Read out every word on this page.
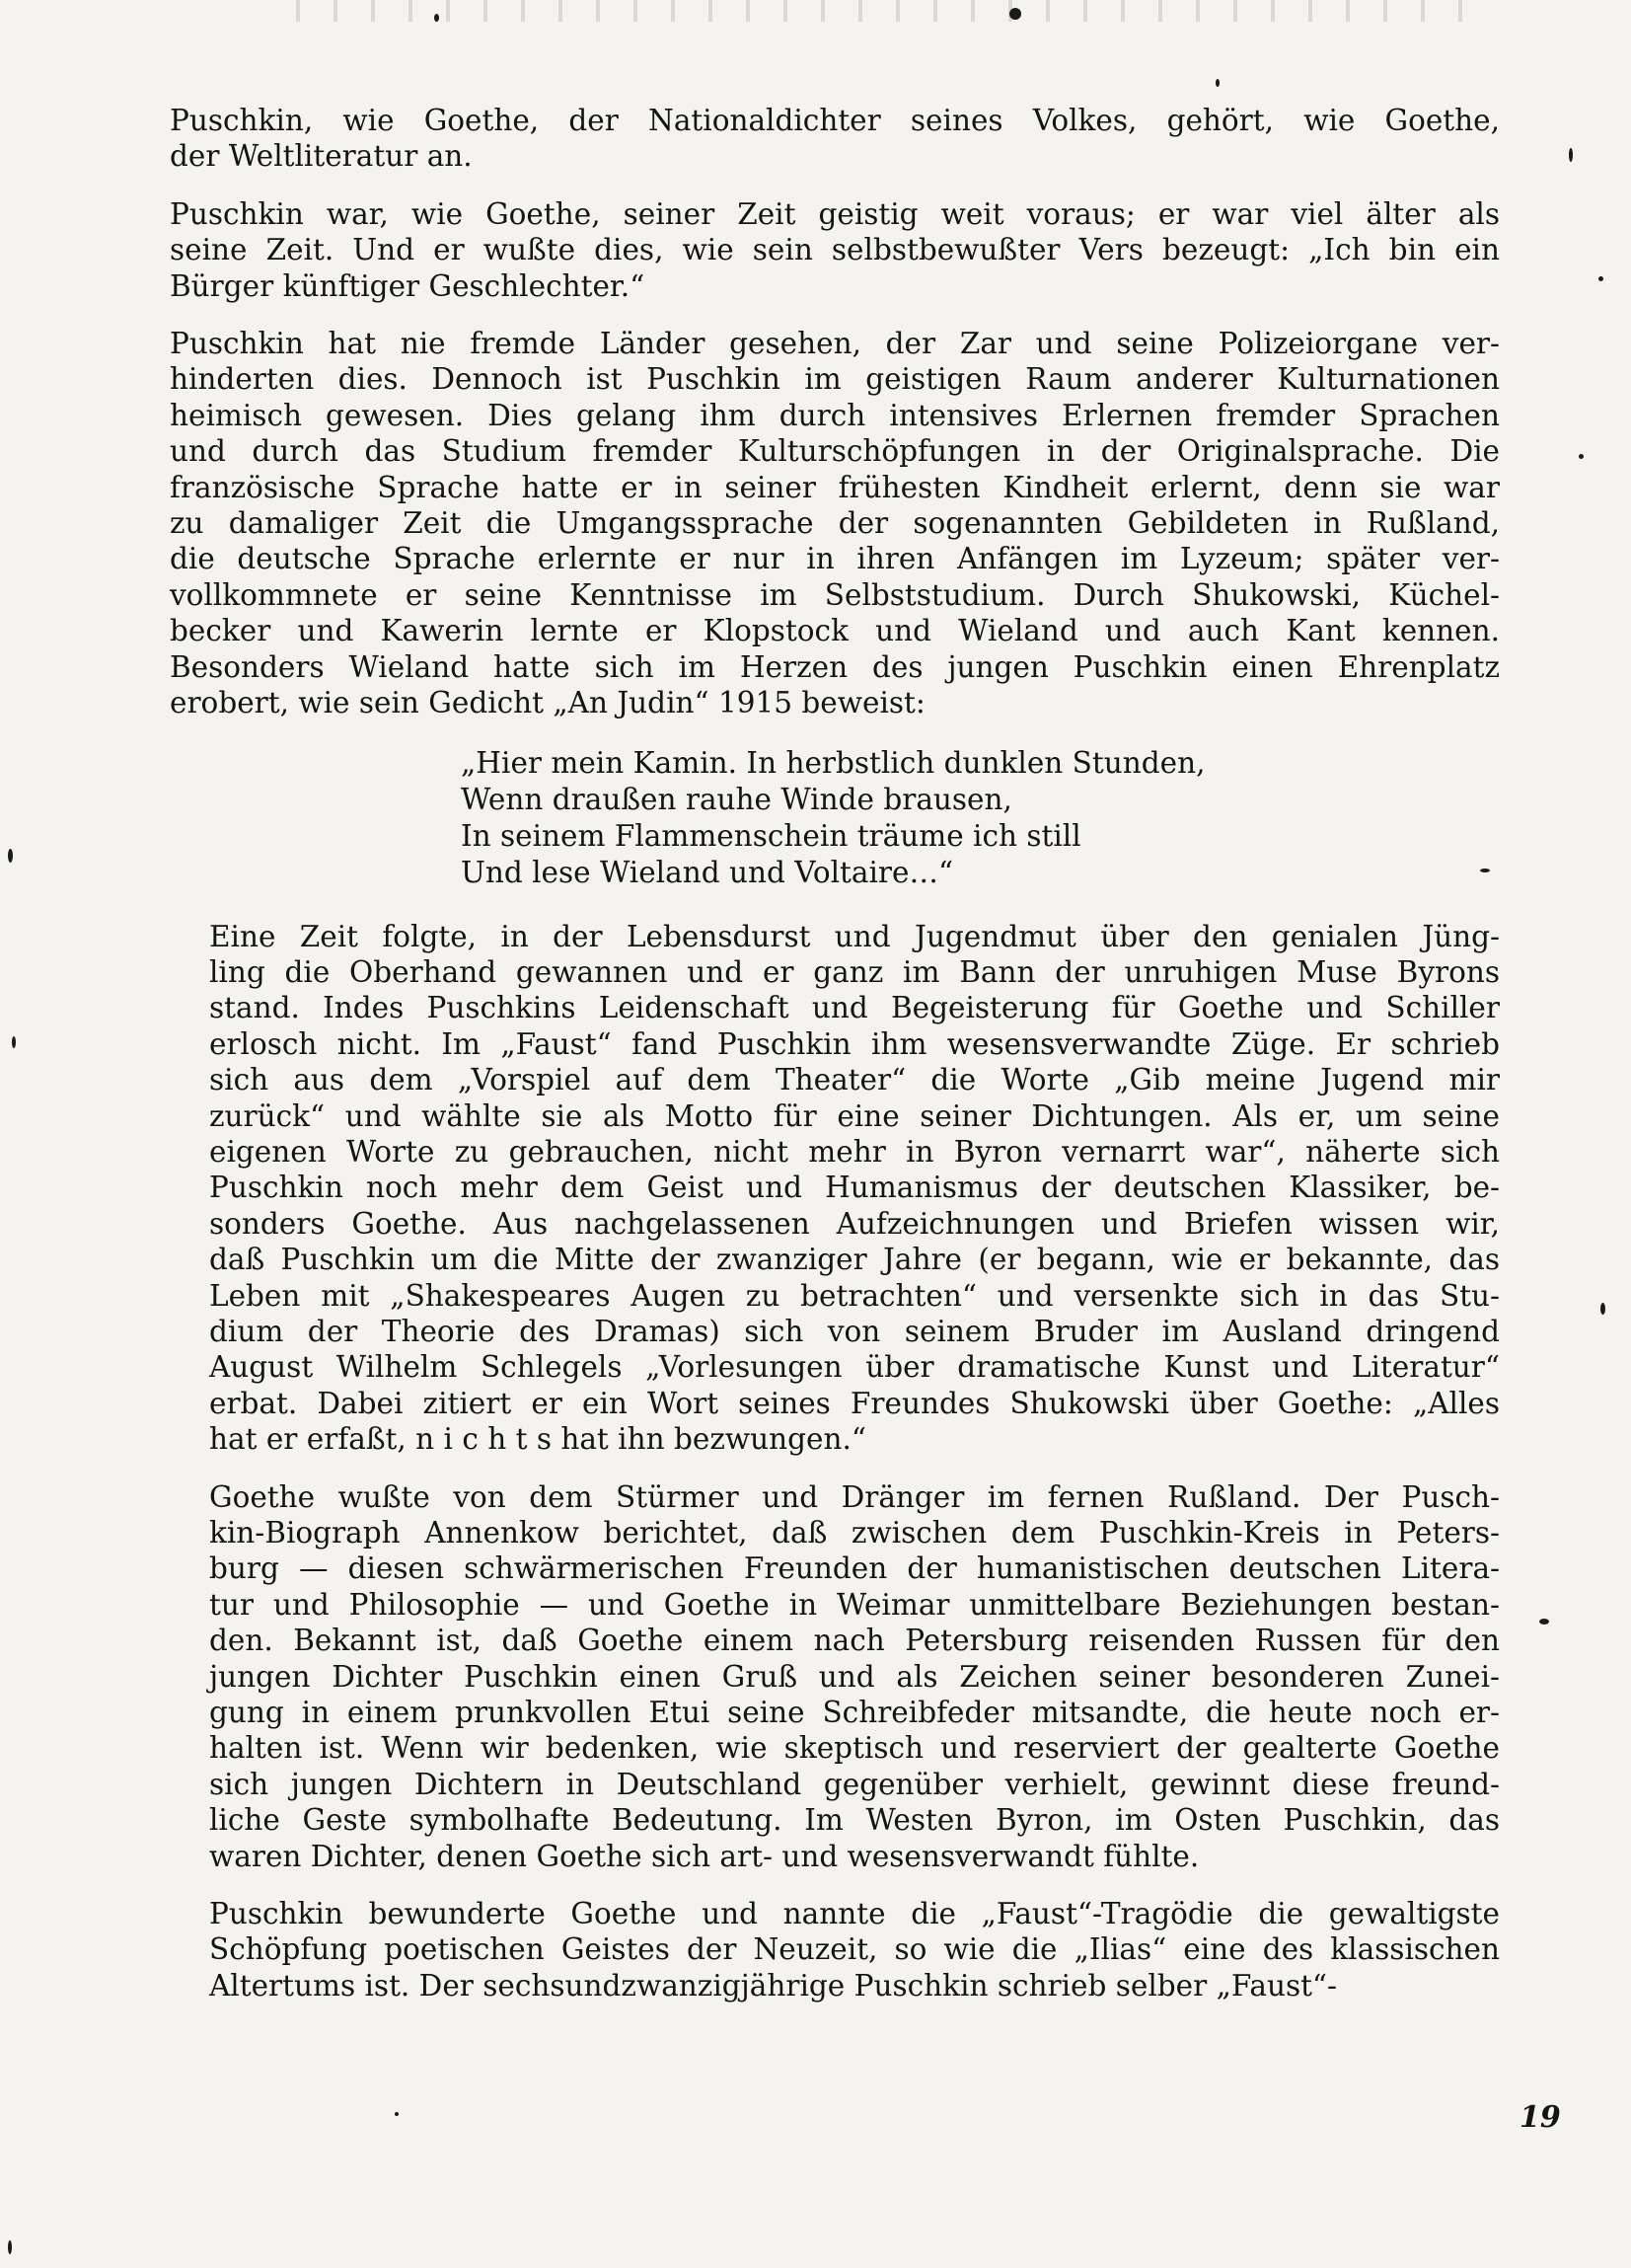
Puschkin, wie Goethe, der Nationaldichter seines Volkes, gehört, wie Goethe,
der Weltliteratur an.

Puschkin war, wie Goethe, seiner Zeit geistig weit voraus; er war viel älter als
seine Zeit. Und er wußte dies, wie sein selbstbewußter Vers bezeugt: „Ich bin ein
Bürger künftiger Geschlechter.“

Puschkin hat nie fremde Länder gesehen, der Zar und seine Polizeiorgane ver-
hinderten dies. Dennoch ist Puschkin im geistigen Raum anderer Kulturnationen
heimisch gewesen. Dies gelang ihm durch intensives Erlernen fremder Sprachen
und durch das Studium fremder Kulturschöpfungen in der Originalsprache. Die
französische Sprache hatte er in seiner frühesten Kindheit erlernt, denn sie war
zu damaliger Zeit die Umgangssprache der sogenannten Gebildeten in Rußland,
die deutsche Sprache erlernte er nur in ihren Anfängen im Lyzeum; später ver-
vollkommnete er seine Kenntnisse im Selbststudium. Durch Shukowski, Küchel-
becker und Kawerin lernte er Klopstock und Wieland und auch Kant kennen.
Besonders Wieland hatte sich im Herzen des jungen Puschkin einen Ehrenplatz
erobert, wie sein Gedicht „An Judin“ 1915 beweist:

„Hier mein Kamin. In herbstlich dunklen Stunden,
Wenn draußen rauhe Winde brausen,
In seinem Flammenschein träume ich still
Und lese Wieland und Voltaire…“

Eine Zeit folgte, in der Lebensdurst und Jugendmut über den genialen Jüng-
ling die Oberhand gewannen und er ganz im Bann der unruhigen Muse Byrons
stand. Indes Puschkins Leidenschaft und Begeisterung für Goethe und Schiller
erlosch nicht. Im „Faust“ fand Puschkin ihm wesensverwandte Züge. Er schrieb
sich aus dem „Vorspiel auf dem Theater“ die Worte „Gib meine Jugend mir
zurück“ und wählte sie als Motto für eine seiner Dichtungen. Als er, um seine
eigenen Worte zu gebrauchen, nicht mehr in Byron vernarrt war“, näherte sich
Puschkin noch mehr dem Geist und Humanismus der deutschen Klassiker, be-
sonders Goethe. Aus nachgelassenen Aufzeichnungen und Briefen wissen wir,
daß Puschkin um die Mitte der zwanziger Jahre (er begann, wie er bekannte, das
Leben mit „Shakespeares Augen zu betrachten“ und versenkte sich in das Stu-
dium der Theorie des Dramas) sich von seinem Bruder im Ausland dringend
August Wilhelm Schlegels „Vorlesungen über dramatische Kunst und Literatur“
erbat. Dabei zitiert er ein Wort seines Freundes Shukowski über Goethe: „Alles
hat er erfaßt, n i c h t s hat ihn bezwungen.“

Goethe wußte von dem Stürmer und Dränger im fernen Rußland. Der Pusch-
kin-Biograph Annenkow berichtet, daß zwischen dem Puschkin-Kreis in Peters-
burg — diesen schwärmerischen Freunden der humanistischen deutschen Litera-
tur und Philosophie — und Goethe in Weimar unmittelbare Beziehungen bestan-
den. Bekannt ist, daß Goethe einem nach Petersburg reisenden Russen für den
jungen Dichter Puschkin einen Gruß und als Zeichen seiner besonderen Zunei-
gung in einem prunkvollen Etui seine Schreibfeder mitsandte, die heute noch er-
halten ist. Wenn wir bedenken, wie skeptisch und reserviert der gealterte Goethe
sich jungen Dichtern in Deutschland gegenüber verhielt, gewinnt diese freund-
liche Geste symbolhafte Bedeutung. Im Westen Byron, im Osten Puschkin, das
waren Dichter, denen Goethe sich art- und wesensverwandt fühlte.

Puschkin bewunderte Goethe und nannte die „Faust“-Tragödie die gewaltigste
Schöpfung poetischen Geistes der Neuzeit, so wie die „Ilias“ eine des klassischen
Altertums ist. Der sechsundzwanzigjährige Puschkin schrieb selber „Faust“-

19
